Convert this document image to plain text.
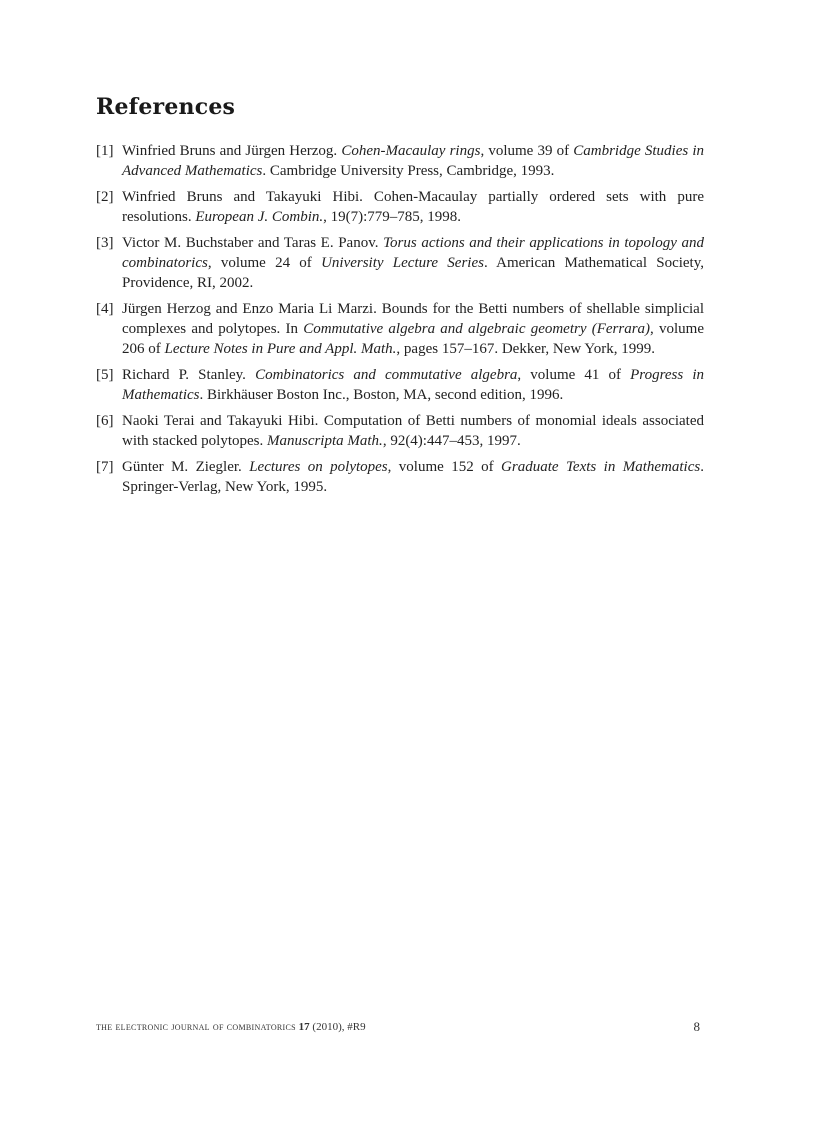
References
[1] Winfried Bruns and Jürgen Herzog. Cohen-Macaulay rings, volume 39 of Cambridge Studies in Advanced Mathematics. Cambridge University Press, Cambridge, 1993.
[2] Winfried Bruns and Takayuki Hibi. Cohen-Macaulay partially ordered sets with pure resolutions. European J. Combin., 19(7):779–785, 1998.
[3] Victor M. Buchstaber and Taras E. Panov. Torus actions and their applications in topology and combinatorics, volume 24 of University Lecture Series. American Mathematical Society, Providence, RI, 2002.
[4] Jürgen Herzog and Enzo Maria Li Marzi. Bounds for the Betti numbers of shellable simplicial complexes and polytopes. In Commutative algebra and algebraic geometry (Ferrara), volume 206 of Lecture Notes in Pure and Appl. Math., pages 157–167. Dekker, New York, 1999.
[5] Richard P. Stanley. Combinatorics and commutative algebra, volume 41 of Progress in Mathematics. Birkhäuser Boston Inc., Boston, MA, second edition, 1996.
[6] Naoki Terai and Takayuki Hibi. Computation of Betti numbers of monomial ideals associated with stacked polytopes. Manuscripta Math., 92(4):447–453, 1997.
[7] Günter M. Ziegler. Lectures on polytopes, volume 152 of Graduate Texts in Mathematics. Springer-Verlag, New York, 1995.
the electronic journal of combinatorics 17 (2010), #R9	8
